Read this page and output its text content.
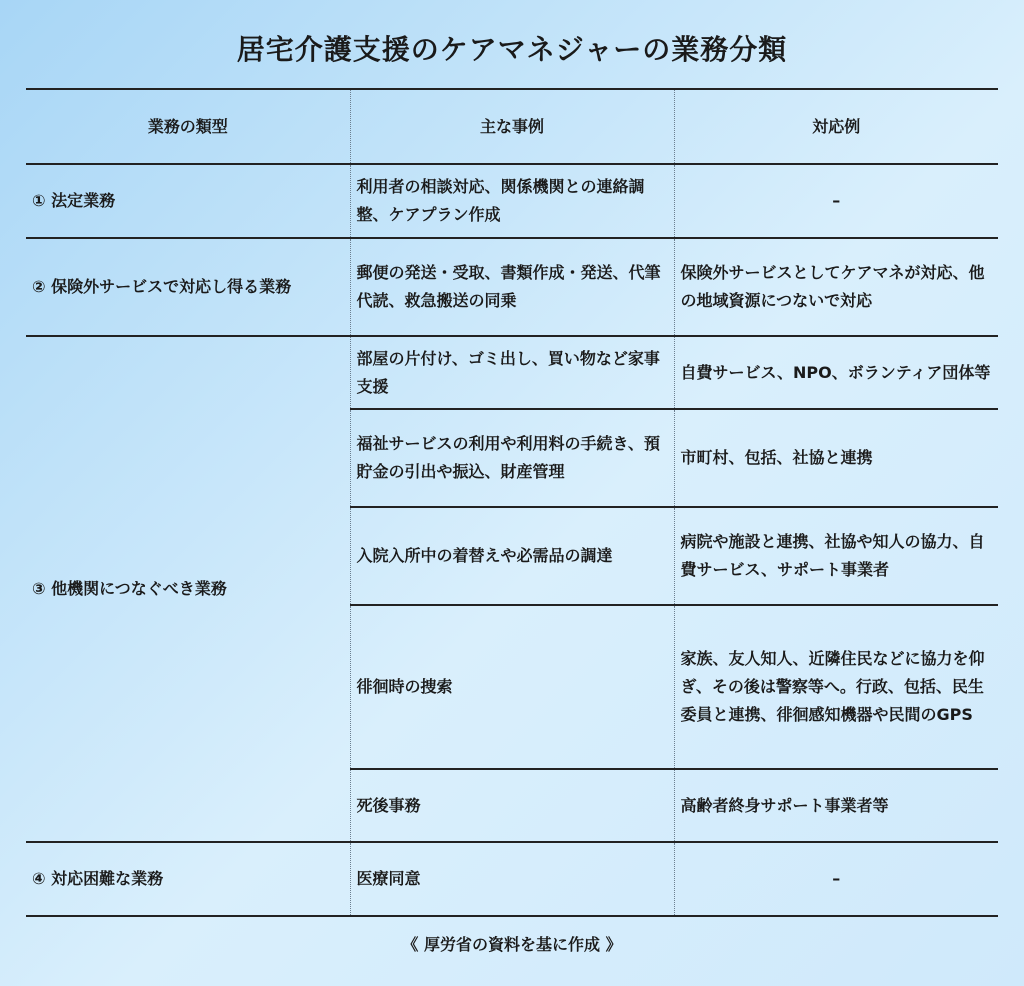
居宅介護支援のケアマネジャーの業務分類
業務の類型	主な事例	対応例
① 法定業務	利用者の相談対応、関係機関との連絡調整、ケアプラン作成	–
② 保険外サービスで対応し得る業務	郵便の発送・受取、書類作成・発送、代筆代読、救急搬送の同乗	保険外サービスとしてケアマネが対応、他の地域資源につないで対応
③ 他機関につなぐべき業務	部屋の片付け、ゴミ出し、買い物など家事支援	自費サービス、NPO、ボランティア団体等
	福祉サービスの利用や利用料の手続き、預貯金の引出や振込、財産管理	市町村、包括、社協と連携
	入院入所中の着替えや必需品の調達	病院や施設と連携、社協や知人の協力、自費サービス、サポート事業者
	徘徊時の捜索	家族、友人知人、近隣住民などに協力を仰ぎ、その後は警察等へ。行政、包括、民生委員と連携、徘徊感知機器や民間のGPS
	死後事務	高齢者終身サポート事業者等
④ 対応困難な業務	医療同意	–
《 厚労省の資料を基に作成 》
